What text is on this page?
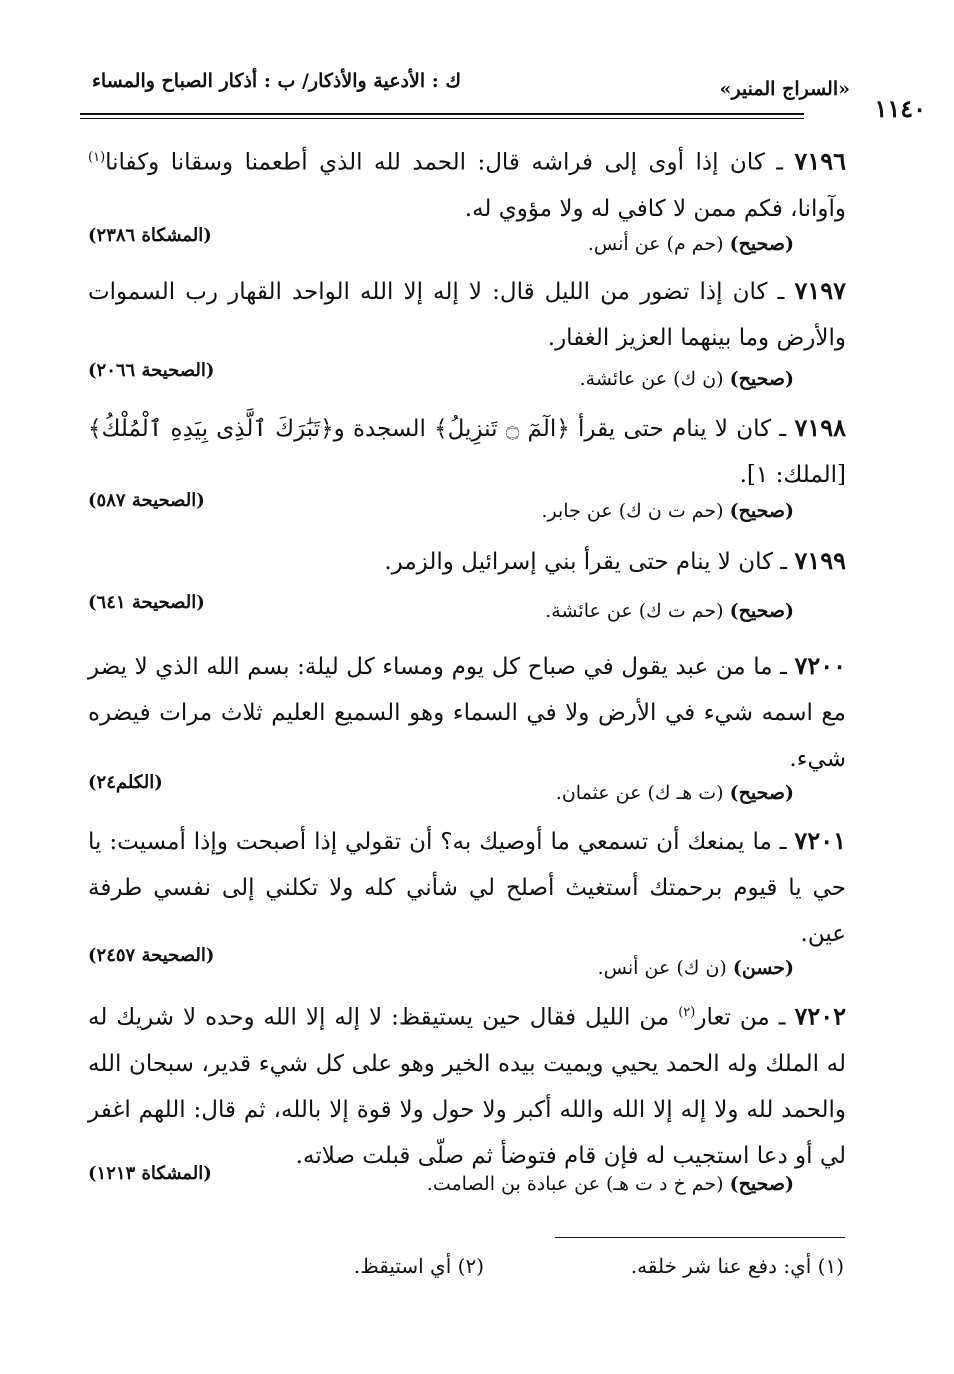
«السراج المنير»
ك : الأدعية والأذكار/ ب : أذكار الصباح والمساء
١١٤٠
٧١٩٦ ـ كان إذا أوى إلى فراشه قال: الحمد لله الذي أطعمنا وسقانا وكفانا$^{(١)}$ وآوانا، فكم ممن لا كافي له ولا مؤوي له.
(صحيح) (حم م) عن أنس.
(المشكاة ٢٣٨٦)
٧١٩٧ ـ كان إذا تضور من الليل قال: لا إله إلا الله الواحد القهار رب السموات والأرض وما بينهما العزيز الغفار.
(صحيح) (ن ك) عن عائشة.
(الصحيحة ٢٠٦٦)
٧١٩٨ ـ كان لا ينام حتى يقرأ ﴿الٓمٓ ۝ تَنزِيلُ﴾ السجدة و﴿تَبَٰرَكَ ٱلَّذِى بِيَدِهِ ٱلْمُلْكُ﴾ [الملك: ١].
(صحيح) (حم ت ن ك) عن جابر.
(الصحيحة ٥٨٧)
٧١٩٩ ـ كان لا ينام حتى يقرأ بني إسرائيل والزمر.
(صحيح) (حم ت ك) عن عائشة.
(الصحيحة ٦٤١)
٧٢٠٠ ـ ما من عبد يقول في صباح كل يوم ومساء كل ليلة: بسم الله الذي لا يضر مع اسمه شيء في الأرض ولا في السماء وهو السميع العليم ثلاث مرات فيضره شيء.
(صحيح) (ت هـ ك) عن عثمان.
(الكلم٢٤)
٧٢٠١ ـ ما يمنعك أن تسمعي ما أوصيك به؟ أن تقولي إذا أصبحت وإذا أمسيت: يا حي يا قيوم برحمتك أستغيث أصلح لي شأني كله ولا تكلني إلى نفسي طرفة عين.
(حسن) (ن ك) عن أنس.
(الصحيحة ٢٤٥٧)
٧٢٠٢ ـ من تعار$^{(٢)}$ من الليل فقال حين يستيقظ: لا إله إلا الله وحده لا شريك له له الملك وله الحمد يحيي ويميت بيده الخير وهو على كل شيء قدير، سبحان الله والحمد لله ولا إله إلا الله والله أكبر ولا حول ولا قوة إلا بالله، ثم قال: اللهم اغفر لي أو دعا استجيب له فإن قام فتوضأ ثم صلّى قبلت صلاته.
(صحيح) (حم خ د ت هـ) عن عبادة بن الصامت.
(المشكاة ١٢١٣)
(١) أي: دفع عنا شر خلقه.
(٢) أي استيقظ.
